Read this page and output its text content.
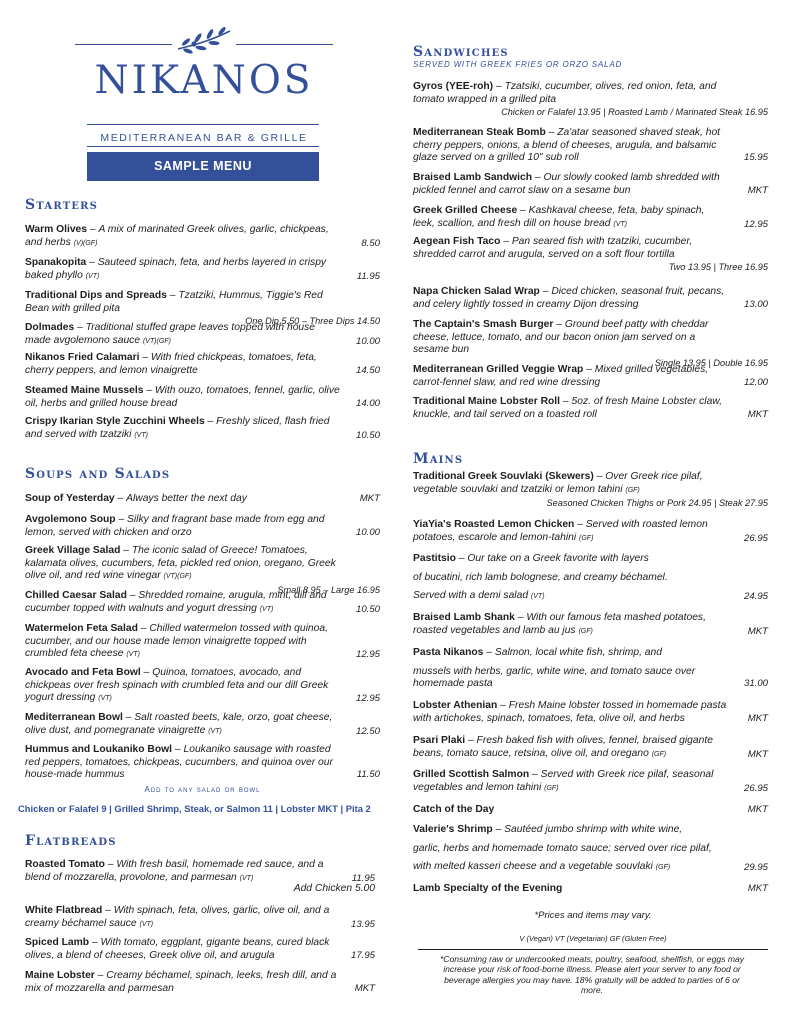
NIKANOS
MEDITERRANEAN BAR & GRILLE
SAMPLE MENU
Starters
Warm Olives – A mix of marinated Greek olives, garlic, chickpeas, and herbs (V)(GF)	8.50
Spanakopita – Sauteed spinach, feta, and herbs layered in crispy baked phyllo (VT)	11.95
Traditional Dips and Spreads – Tzatziki, Hummus, Tiggie's Red Bean with grilled pita
One Dip 5.50 – Three Dips 14.50
Dolmades – Traditional stuffed grape leaves topped with house made avgolemono sauce (VT)(GF)	10.00
Nikanos Fried Calamari – With fried chickpeas, tomatoes, feta, cherry peppers, and lemon vinaigrette	14.50
Steamed Maine Mussels – With ouzo, tomatoes, fennel, garlic, olive oil, herbs and grilled house bread	14.00
Crispy Ikarian Style Zucchini Wheels – Freshly sliced, flash fried and served with tzatziki (VT)	10.50
Soups and Salads
Soup of Yesterday – Always better the next day	MKT
Avgolemono Soup – Silky and fragrant base made from egg and lemon, served with chicken and orzo	10.00
Greek Village Salad – The iconic salad of Greece! Tomatoes, kalamata olives, cucumbers, feta, pickled red onion, oregano, Greek olive oil, and red wine vinegar (VT)(GF)
Small 8.95 – Large 16.95
Chilled Caesar Salad – Shredded romaine, arugula, mint, dill and cucumber topped with walnuts and yogurt dressing (VT)	10.50
Watermelon Feta Salad – Chilled watermelon tossed with quinoa, cucumber, and our house made lemon vinaigrette topped with crumbled feta cheese (VT)	12.95
Avocado and Feta Bowl – Quinoa, tomatoes, avocado, and chickpeas over fresh spinach with crumbled feta and our dill Greek yogurt dressing (VT)	12.95
Mediterranean Bowl – Salt roasted beets, kale, orzo, goat cheese, olive dust, and pomegranate vinaigrette (VT)	12.50
Hummus and Loukaniko Bowl – Loukaniko sausage with roasted red peppers, tomatoes, chickpeas, cucumbers, and quinoa over our house-made hummus	11.50
Add to any salad or bowl
Chicken or Falafel 9 | Grilled Shrimp, Steak, or Salmon 11 | Lobster MKT | Pita 2
Flatbreads
Roasted Tomato – With fresh basil, homemade red sauce, and a blend of mozzarella, provolone, and parmesan (VT)	11.95
Add Chicken 5.00
White Flatbread – With spinach, feta, olives, garlic, olive oil, and a creamy béchamel sauce (VT)	13.95
Spiced Lamb – With tomato, eggplant, gigante beans, cured black olives, a blend of cheeses, Greek olive oil, and arugula	17.95
Maine Lobster – Creamy béchamel, spinach, leeks, fresh dill, and a mix of mozzarella and parmesan	MKT
Sandwiches
SERVED WITH GREEK FRIES OR ORZO SALAD
Gyros (YEE-roh) – Tzatsiki, cucumber, olives, red onion, feta, and tomato wrapped in a grilled pita
Chicken or Falafel 13.95 | Roasted Lamb / Marinated Steak 16.95
Mediterranean Steak Bomb – Za'atar seasoned shaved steak, hot cherry peppers, onions, a blend of cheeses, arugula, and balsamic glaze served on a grilled 10" sub roll	15.95
Braised Lamb Sandwich – Our slowly cooked lamb shredded with pickled fennel and carrot slaw on a sesame bun	MKT
Greek Grilled Cheese – Kashkaval cheese, feta, baby spinach, leek, scallion, and fresh dill on house bread (VT)	12.95
Aegean Fish Taco – Pan seared fish with tzatziki, cucumber, shredded carrot and arugula, served on a soft flour tortilla
Two 13.95 | Three 16.95
Napa Chicken Salad Wrap – Diced chicken, seasonal fruit, pecans, and celery lightly tossed in creamy Dijon dressing	13.00
The Captain's Smash Burger – Ground beef patty with cheddar cheese, lettuce, tomato, and our bacon onion jam served on a sesame bun
Single 13.95 | Double 16.95
Mediterranean Grilled Veggie Wrap – Mixed grilled vegetables, carrot-fennel slaw, and red wine dressing	12.00
Traditional Maine Lobster Roll – 5oz. of fresh Maine Lobster claw, knuckle, and tail served on a toasted roll	MKT
Mains
Traditional Greek Souvlaki (Skewers) – Over Greek rice pilaf, vegetable souvlaki and tzatziki or lemon tahini (GF)
Seasoned Chicken Thighs or Pork 24.95 | Steak 27.95
YiaYia's Roasted Lemon Chicken – Served with roasted lemon potatoes, escarole and lemon-tahini (GF)	26.95
Pastitsio – Our take on a Greek favorite with layers
of bucatini, rich lamb bolognese, and creamy béchamel.
Served with a demi salad (VT)	24.95
Braised Lamb Shank – With our famous feta mashed potatoes, roasted vegetables and lamb au jus (GF)	MKT
Pasta Nikanos – Salmon, local white fish, shrimp, and
mussels with herbs, garlic, white wine, and tomato sauce over homemade pasta	31.00
Lobster Athenian – Fresh Maine lobster tossed in homemade pasta with artichokes, spinach, tomatoes, feta, olive oil, and herbs	MKT
Psari Plaki – Fresh baked fish with olives, fennel, braised gigante beans, tomato sauce, retsina, olive oil, and oregano (GF)	MKT
Grilled Scottish Salmon – Served with Greek rice pilaf, seasonal vegetables and lemon tahini (GF)	26.95
Catch of the Day	MKT
Valerie's Shrimp – Sautéed jumbo shrimp with white wine,
garlic, herbs and homemade tomato sauce; served over rice pilaf,
with melted kasseri cheese and a vegetable souvlaki (GF)	29.95
Lamb Specialty of the Evening	MKT
*Prices and items may vary.
V (Vegan) VT (Vegetarian) GF (Gluten Free)
*Consuming raw or undercooked meats, poultry, seafood, shellfish, or eggs may increase your risk of food-borne illness. Please alert your server to any food or beverage allergies you may have. 18% gratuity will be added to parties of 6 or more.
